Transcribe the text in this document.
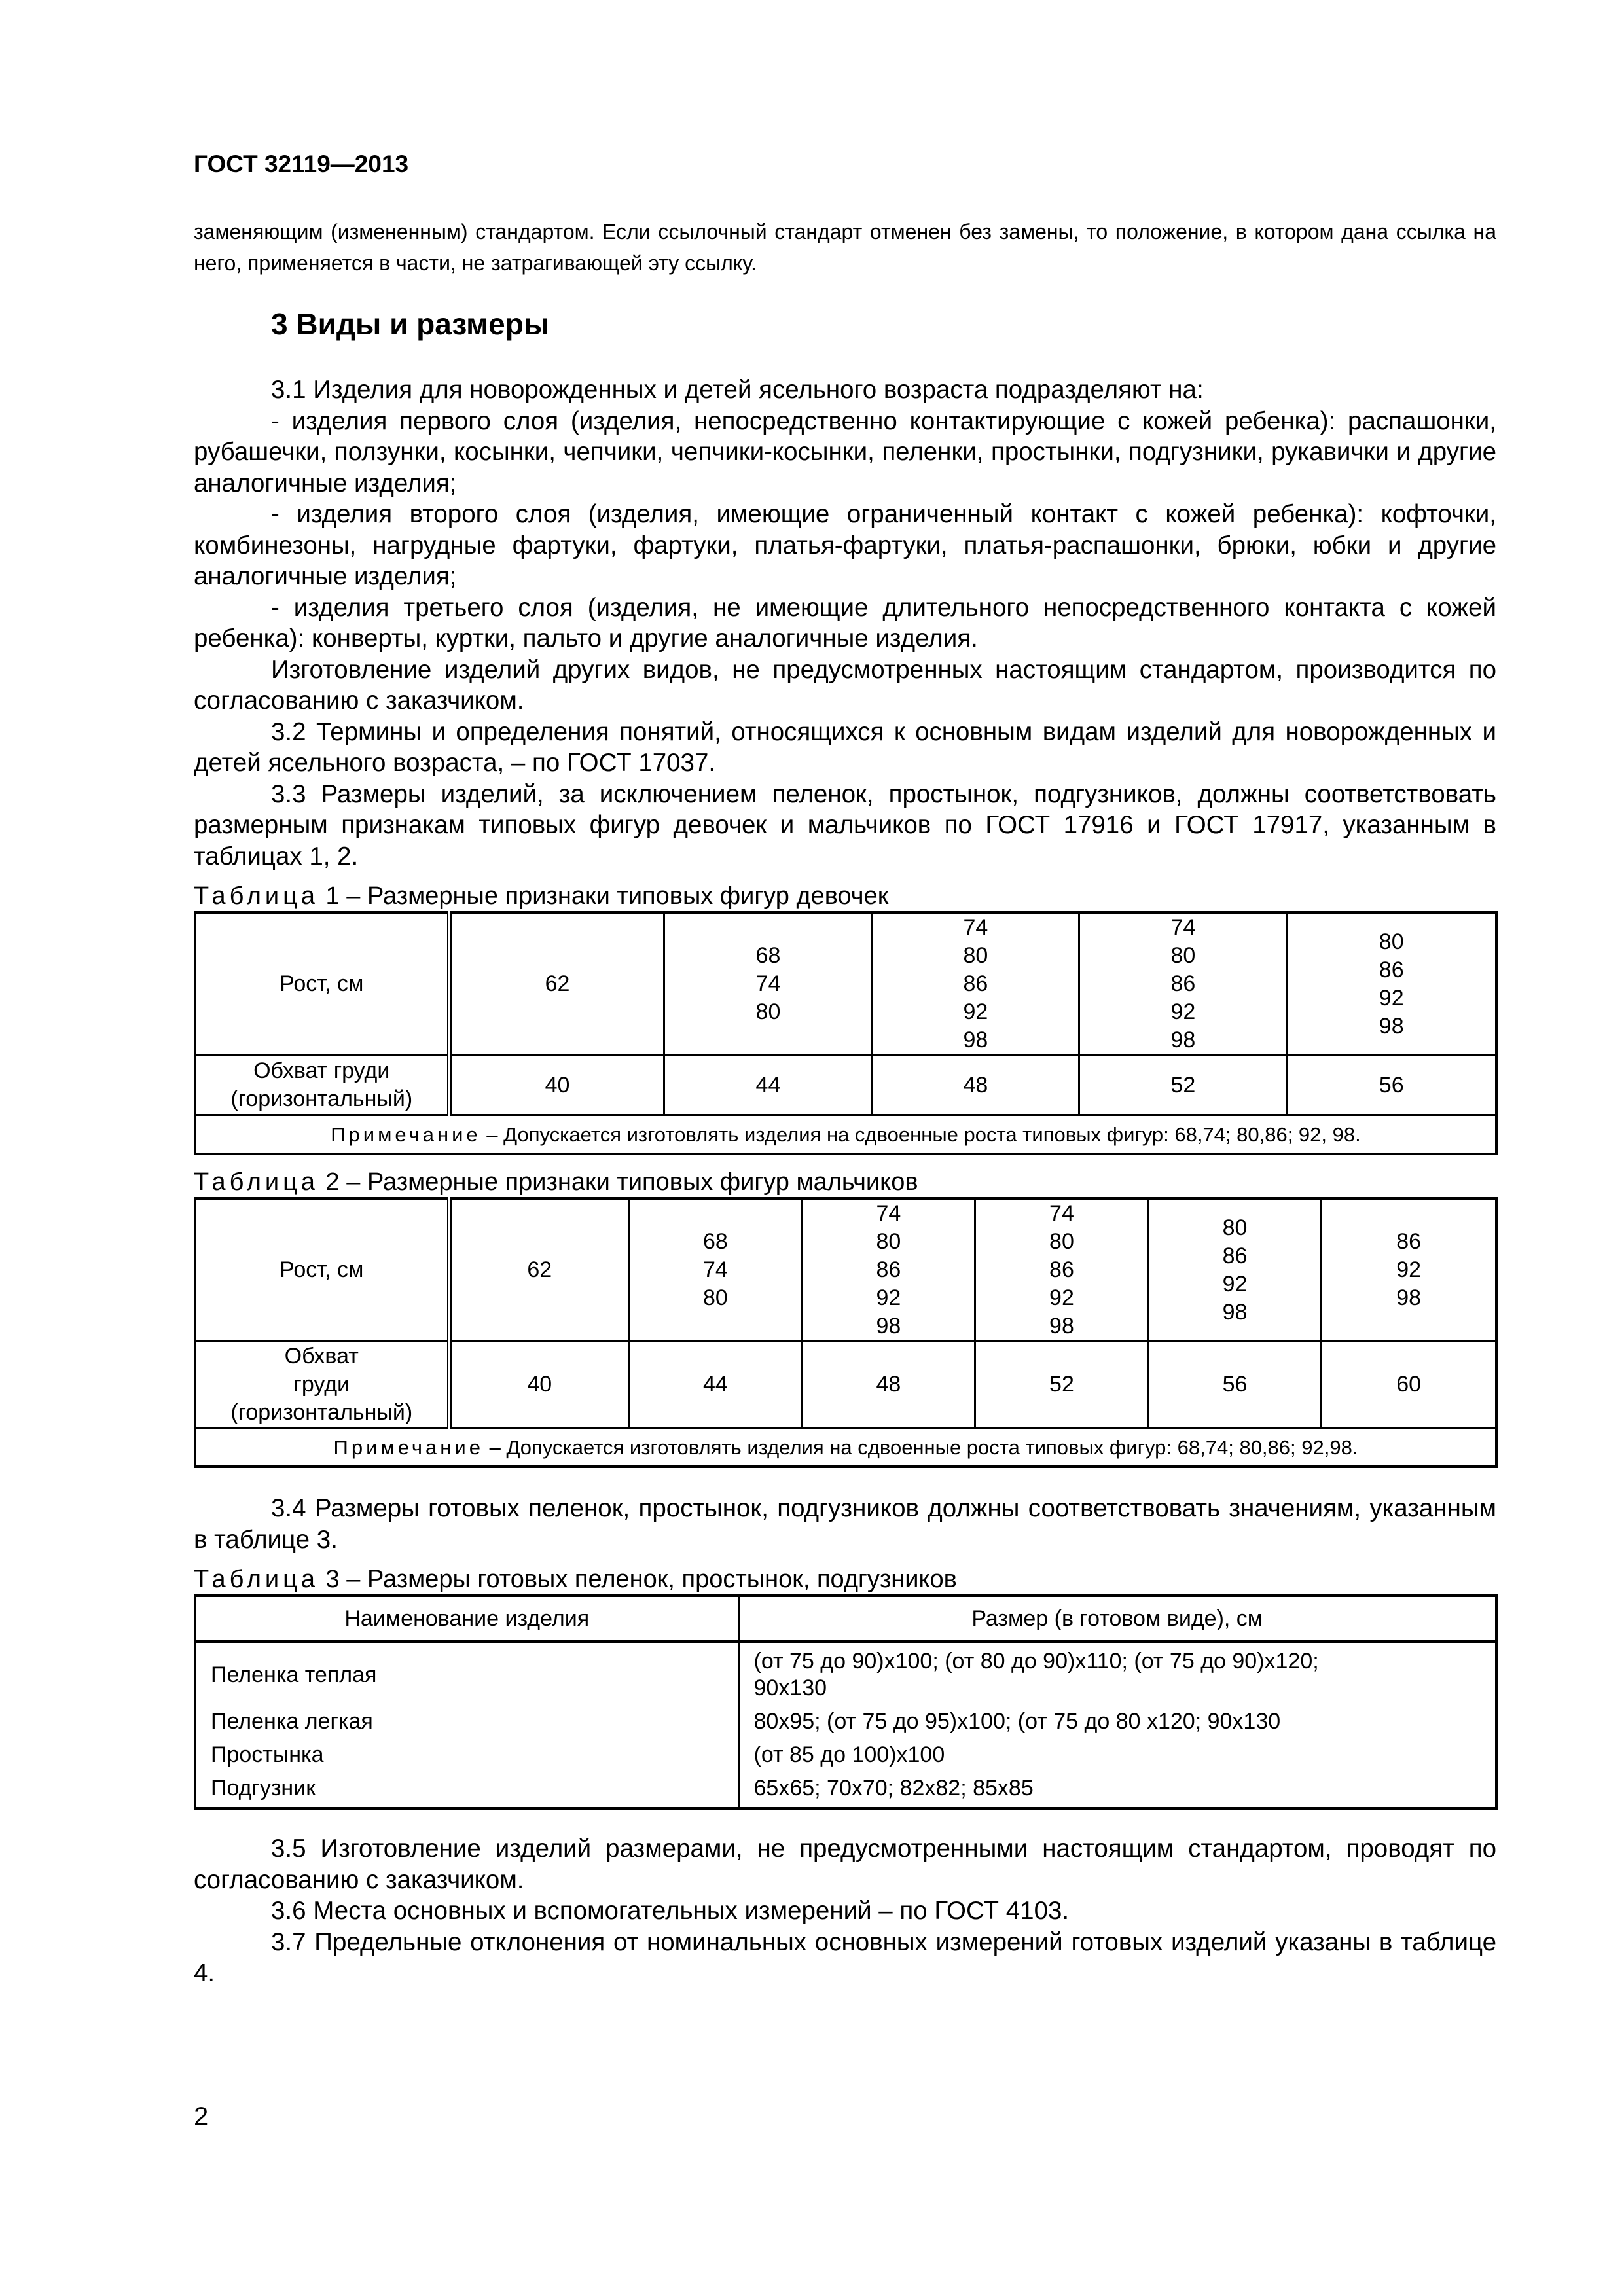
ГОСТ 32119—2013

заменяющим (измененным) стандартом. Если ссылочный стандарт отменен без замены, то положение, в котором дана ссылка на него, применяется в части, не затрагивающей эту ссылку.

3 Виды и размеры

3.1 Изделия для новорожденных и детей ясельного возраста подразделяют на:

- изделия первого слоя (изделия, непосредственно контактирующие с кожей ребенка): распашонки, рубашечки, ползунки, косынки, чепчики, чепчики-косынки, пеленки, простынки, подгузники, рукавички и другие аналогичные изделия;

- изделия второго слоя (изделия, имеющие ограниченный контакт с кожей ребенка): кофточки, комбинезоны, нагрудные фартуки, фартуки, платья-фартуки, платья-распашонки, брюки, юбки и другие аналогичные изделия;

- изделия третьего слоя (изделия, не имеющие длительного непосредственного контакта с кожей ребенка): конверты, куртки, пальто и другие аналогичные изделия.

Изготовление изделий других видов, не предусмотренных настоящим стандартом, производится по согласованию с заказчиком.

3.2 Термины и определения понятий, относящихся к основным видам изделий для новорожденных и детей ясельного возраста, – по ГОСТ 17037.

3.3 Размеры изделий, за исключением пеленок, простынок, подгузников, должны соответствовать размерным признакам типовых фигур девочек и мальчиков по ГОСТ 17916 и ГОСТ 17917, указанным в таблицах 1, 2.

Таблица 1 – Размерные признаки типовых фигур девочек

Рост, см	62	68
74
80	74
80
86
92
98	74
80
86
92
98	80
86
92
98
Обхват груди
(горизонтальный)	40	44	48	52	56
Примечание – Допускается изготовлять изделия на сдвоенные роста типовых фигур: 68,74; 80,86; 92, 98.					

Таблица 2 – Размерные признаки типовых фигур мальчиков

Рост, см	62	68
74
80	74
80
86
92
98	74
80
86
92
98	80
86
92
98	86
92
98
Обхват
груди
(горизонтальный)	40	44	48	52	56	60
Примечание – Допускается изготовлять изделия на сдвоенные роста типовых фигур: 68,74; 80,86; 92,98.						

3.4 Размеры готовых пеленок, простынок, подгузников должны соответствовать значениям, указанным в таблице 3.

Таблица 3 – Размеры готовых пеленок, простынок, подгузников

Наименование изделия	Размер (в готовом виде), см
Пеленка теплая	(от 75 до 90)х100; (от 80 до 90)х110; (от 75 до 90)х120;
90х130
Пеленка легкая	80х95; (от 75 до 95)х100; (от 75 до 80 х120; 90х130
Простынка	(от 85 до 100)х100
Подгузник	65х65; 70х70; 82х82; 85х85

3.5 Изготовление изделий размерами, не предусмотренными настоящим стандартом, проводят по согласованию с заказчиком.

3.6 Места основных и вспомогательных измерений – по ГОСТ 4103.

3.7 Предельные отклонения от номинальных основных измерений готовых изделий указаны в таблице 4.

2
